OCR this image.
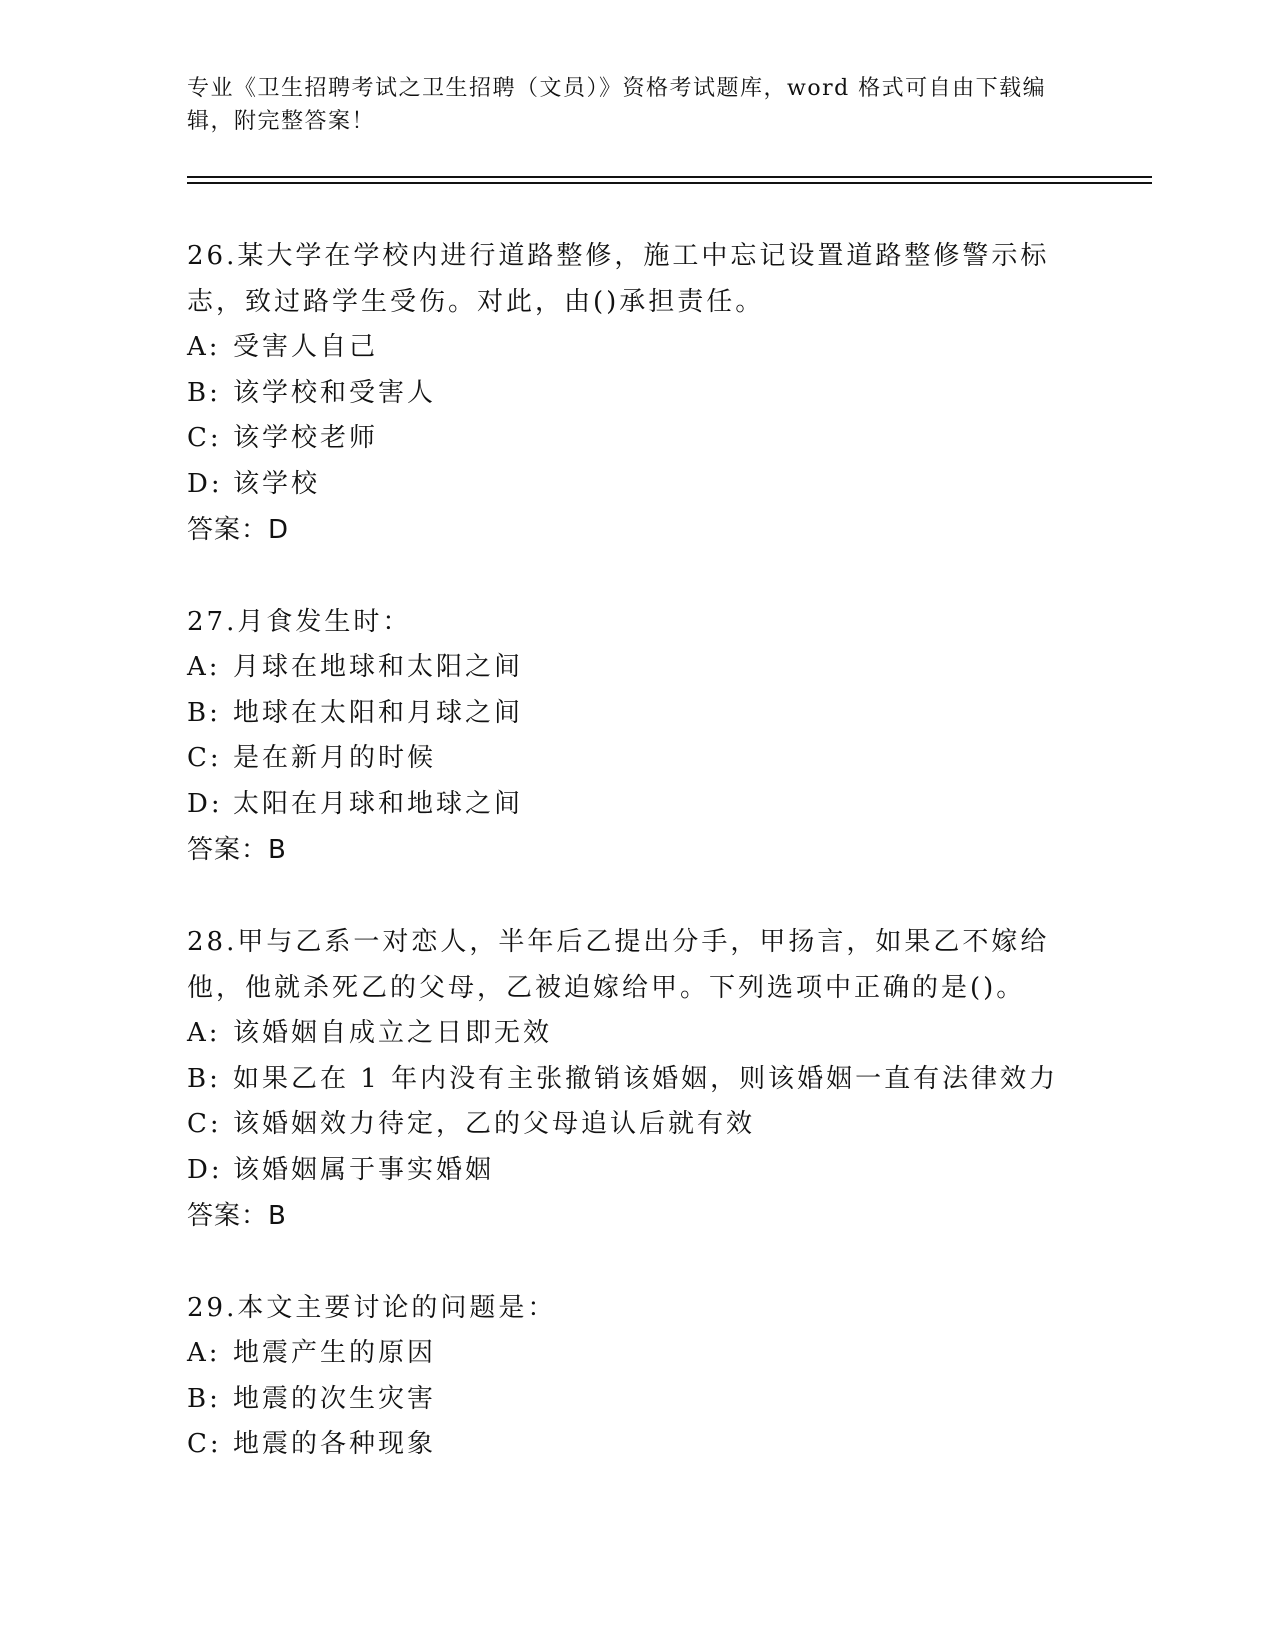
专业《卫生招聘考试之卫生招聘（文员）》资格考试题库，word 格式可自由下载编辑，附完整答案！
26.某大学在学校内进行道路整修，施工中忘记设置道路整修警示标志，致过路学生受伤。对此，由()承担责任。
A: 受害人自己
B: 该学校和受害人
C: 该学校老师
D: 该学校
答案：D
27.月食发生时：
A: 月球在地球和太阳之间
B: 地球在太阳和月球之间
C: 是在新月的时候
D: 太阳在月球和地球之间
答案：B
28.甲与乙系一对恋人，半年后乙提出分手，甲扬言，如果乙不嫁给他，他就杀死乙的父母，乙被迫嫁给甲。下列选项中正确的是()。
A: 该婚姻自成立之日即无效
B: 如果乙在 1 年内没有主张撤销该婚姻，则该婚姻一直有法律效力
C: 该婚姻效力待定，乙的父母追认后就有效
D: 该婚姻属于事实婚姻
答案：B
29.本文主要讨论的问题是：
A: 地震产生的原因
B: 地震的次生灾害
C: 地震的各种现象
